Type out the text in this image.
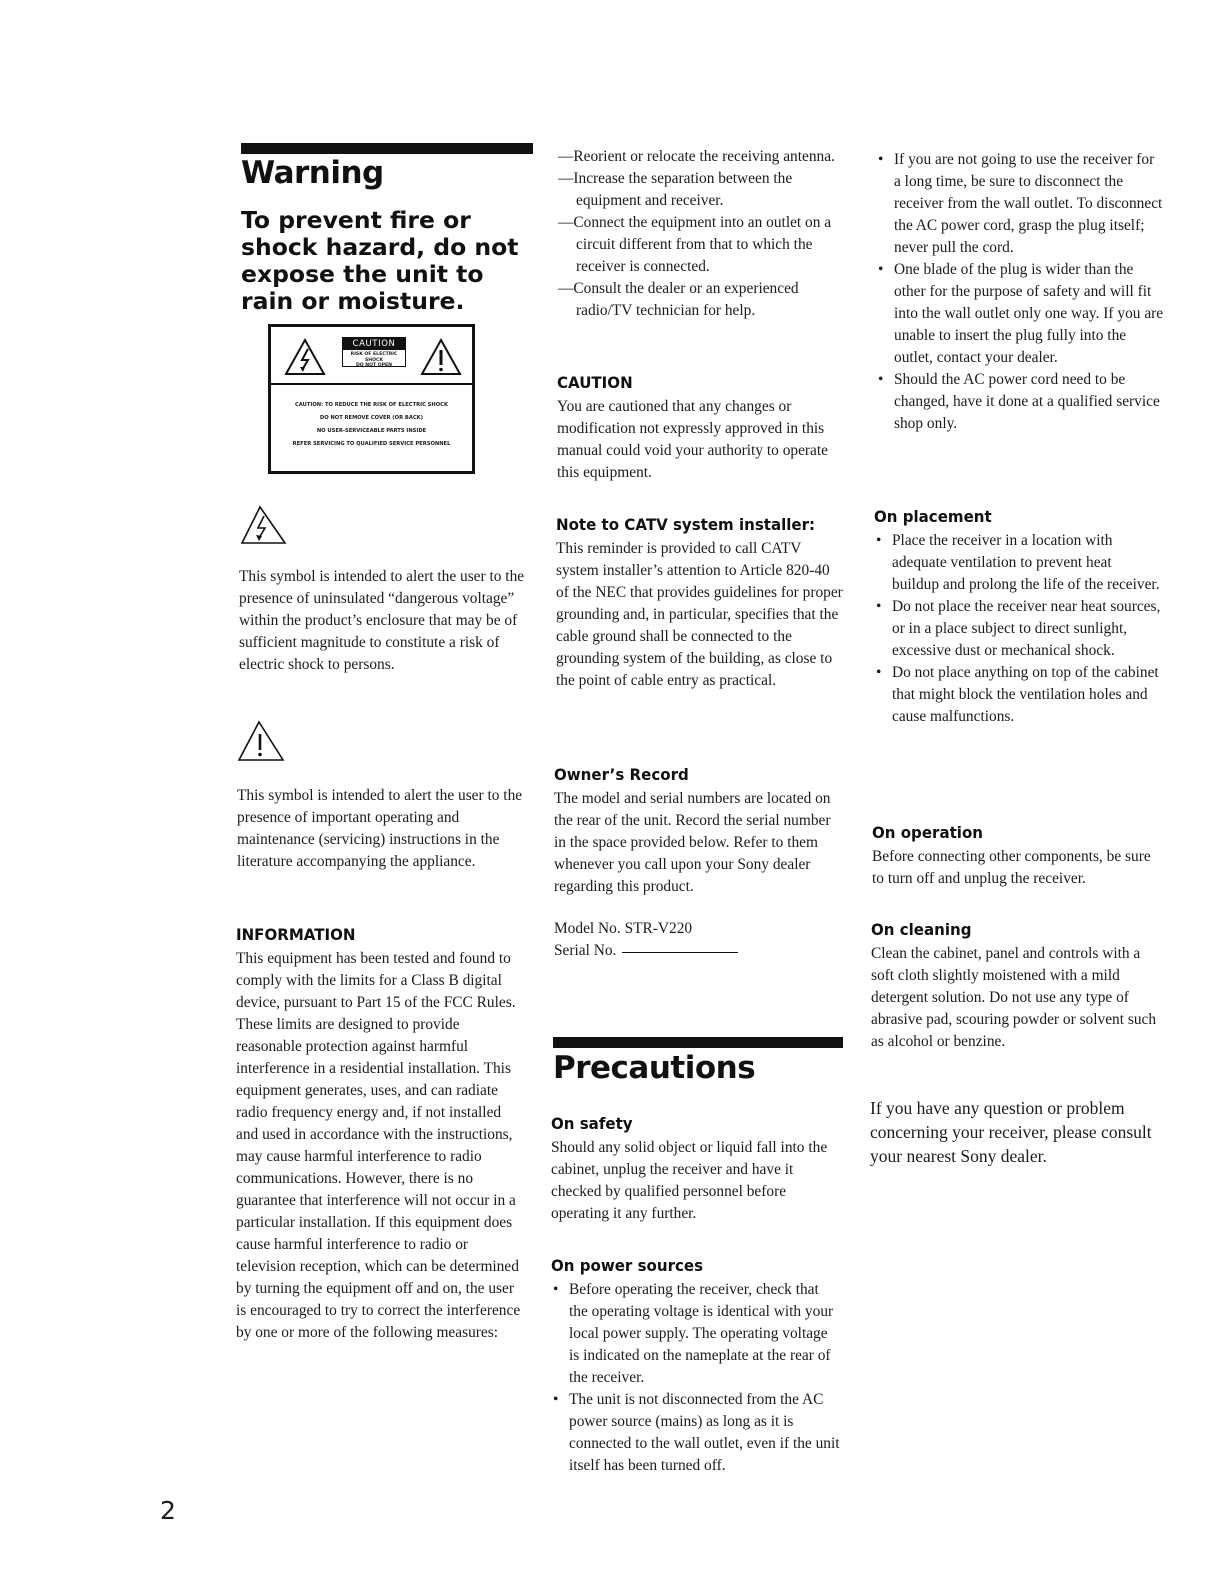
Warning
To prevent fire or shock hazard, do not expose the unit to rain or moisture.
CAUTION
RISK OF ELECTRIC SHOCK
DO NOT OPEN
CAUTION: TO REDUCE THE RISK OF ELECTRIC SHOCK
DO NOT REMOVE COVER (OR BACK)
NO USER-SERVICEABLE PARTS INSIDE
REFER SERVICING TO QUALIFIED SERVICE PERSONNEL

This symbol is intended to alert the user to the presence of uninsulated “dangerous voltage” within the product’s enclosure that may be of sufficient magnitude to constitute a risk of electric shock to persons.

This symbol is intended to alert the user to the presence of important operating and maintenance (servicing) instructions in the literature accompanying the appliance.

INFORMATION

This equipment has been tested and found to comply with the limits for a Class B digital device, pursuant to Part 15 of the FCC Rules. These limits are designed to provide reasonable protection against harmful interference in a residential installation. This equipment generates, uses, and can radiate radio frequency energy and, if not installed and used in accordance with the instructions, may cause harmful interference to radio communications. However, there is no guarantee that interference will not occur in a particular installation. If this equipment does cause harmful interference to radio or television reception, which can be determined by turning the equipment off and on, the user is encouraged to try to correct the interference by one or more of the following measures:

—Reorient or relocate the receiving antenna.
—Increase the separation between the equipment and receiver.
—Connect the equipment into an outlet on a circuit different from that to which the receiver is connected.
—Consult the dealer or an experienced radio/TV technician for help.
CAUTION

You are cautioned that any changes or modification not expressly approved in this manual could void your authority to operate this equipment.

Note to CATV system installer:

This reminder is provided to call CATV system installer’s attention to Article 820-40 of the NEC that provides guidelines for proper grounding and, in particular, specifies that the cable ground shall be connected to the grounding system of the building, as close to the point of cable entry as practical.

Owner’s Record

The model and serial numbers are located on the rear of the unit. Record the serial number in the space provided below. Refer to them whenever you call upon your Sony dealer regarding this product.

Model No. STR-V220
Serial No.
Precautions
On safety

Should any solid object or liquid fall into the cabinet, unplug the receiver and have it checked by qualified personnel before operating it any further.

On power sources
• Before operating the receiver, check that the operating voltage is identical with your local power supply. The operating voltage is indicated on the nameplate at the rear of the receiver.
• The unit is not disconnected from the AC power source (mains) as long as it is connected to the wall outlet, even if the unit itself has been turned off.
• If you are not going to use the receiver for a long time, be sure to disconnect the receiver from the wall outlet. To disconnect the AC power cord, grasp the plug itself; never pull the cord.
• One blade of the plug is wider than the other for the purpose of safety and will fit into the wall outlet only one way. If you are unable to insert the plug fully into the outlet, contact your dealer.
• Should the AC power cord need to be changed, have it done at a qualified service shop only.
On placement
• Place the receiver in a location with adequate ventilation to prevent heat buildup and prolong the life of the receiver.
• Do not place the receiver near heat sources, or in a place subject to direct sunlight, excessive dust or mechanical shock.
• Do not place anything on top of the cabinet that might block the ventilation holes and cause malfunctions.
On operation

Before connecting other components, be sure to turn off and unplug the receiver.

On cleaning

Clean the cabinet, panel and controls with a soft cloth slightly moistened with a mild detergent solution. Do not use any type of abrasive pad, scouring powder or solvent such as alcohol or benzine.

If you have any question or problem concerning your receiver, please consult your nearest Sony dealer.

2
